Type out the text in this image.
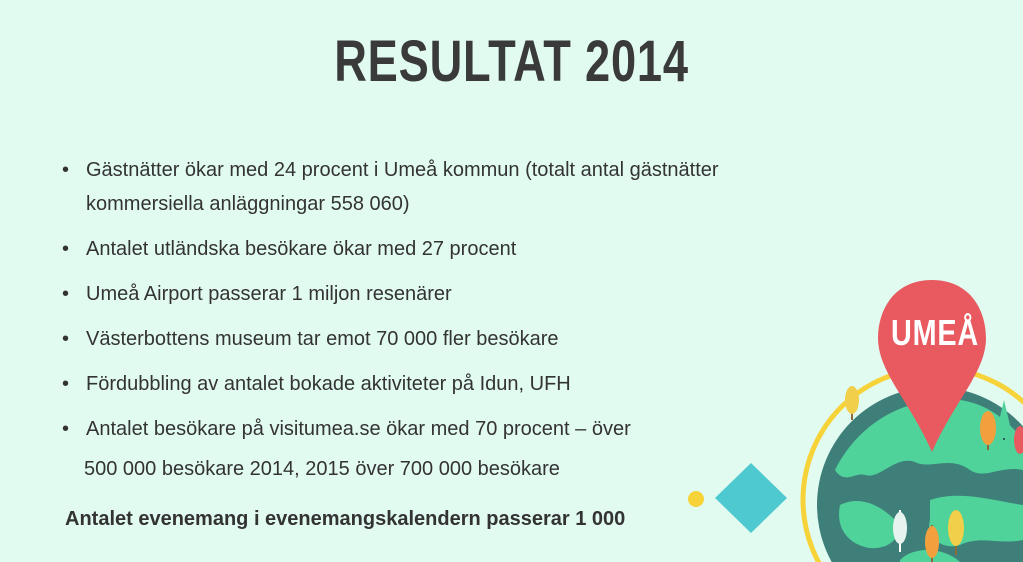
RESULTAT 2014
• Gästnätter ökar med 24 procent i Umeå kommun (totalt antal gästnätter
kommersiella anläggningar 558 060)
• Antalet utländska besökare ökar med 27 procent
• Umeå Airport passerar 1 miljon resenärer
• Västerbottens museum tar emot 70 000 fler besökare
• Fördubbling av antalet bokade aktiviteter på Idun, UFH
• Antalet besökare på visitumea.se ökar med 70 procent – över
500 000 besökare 2014, 2015 över 700 000 besökare
Antalet evenemang i evenemangskalendern passerar 1 000
UMEÅ
